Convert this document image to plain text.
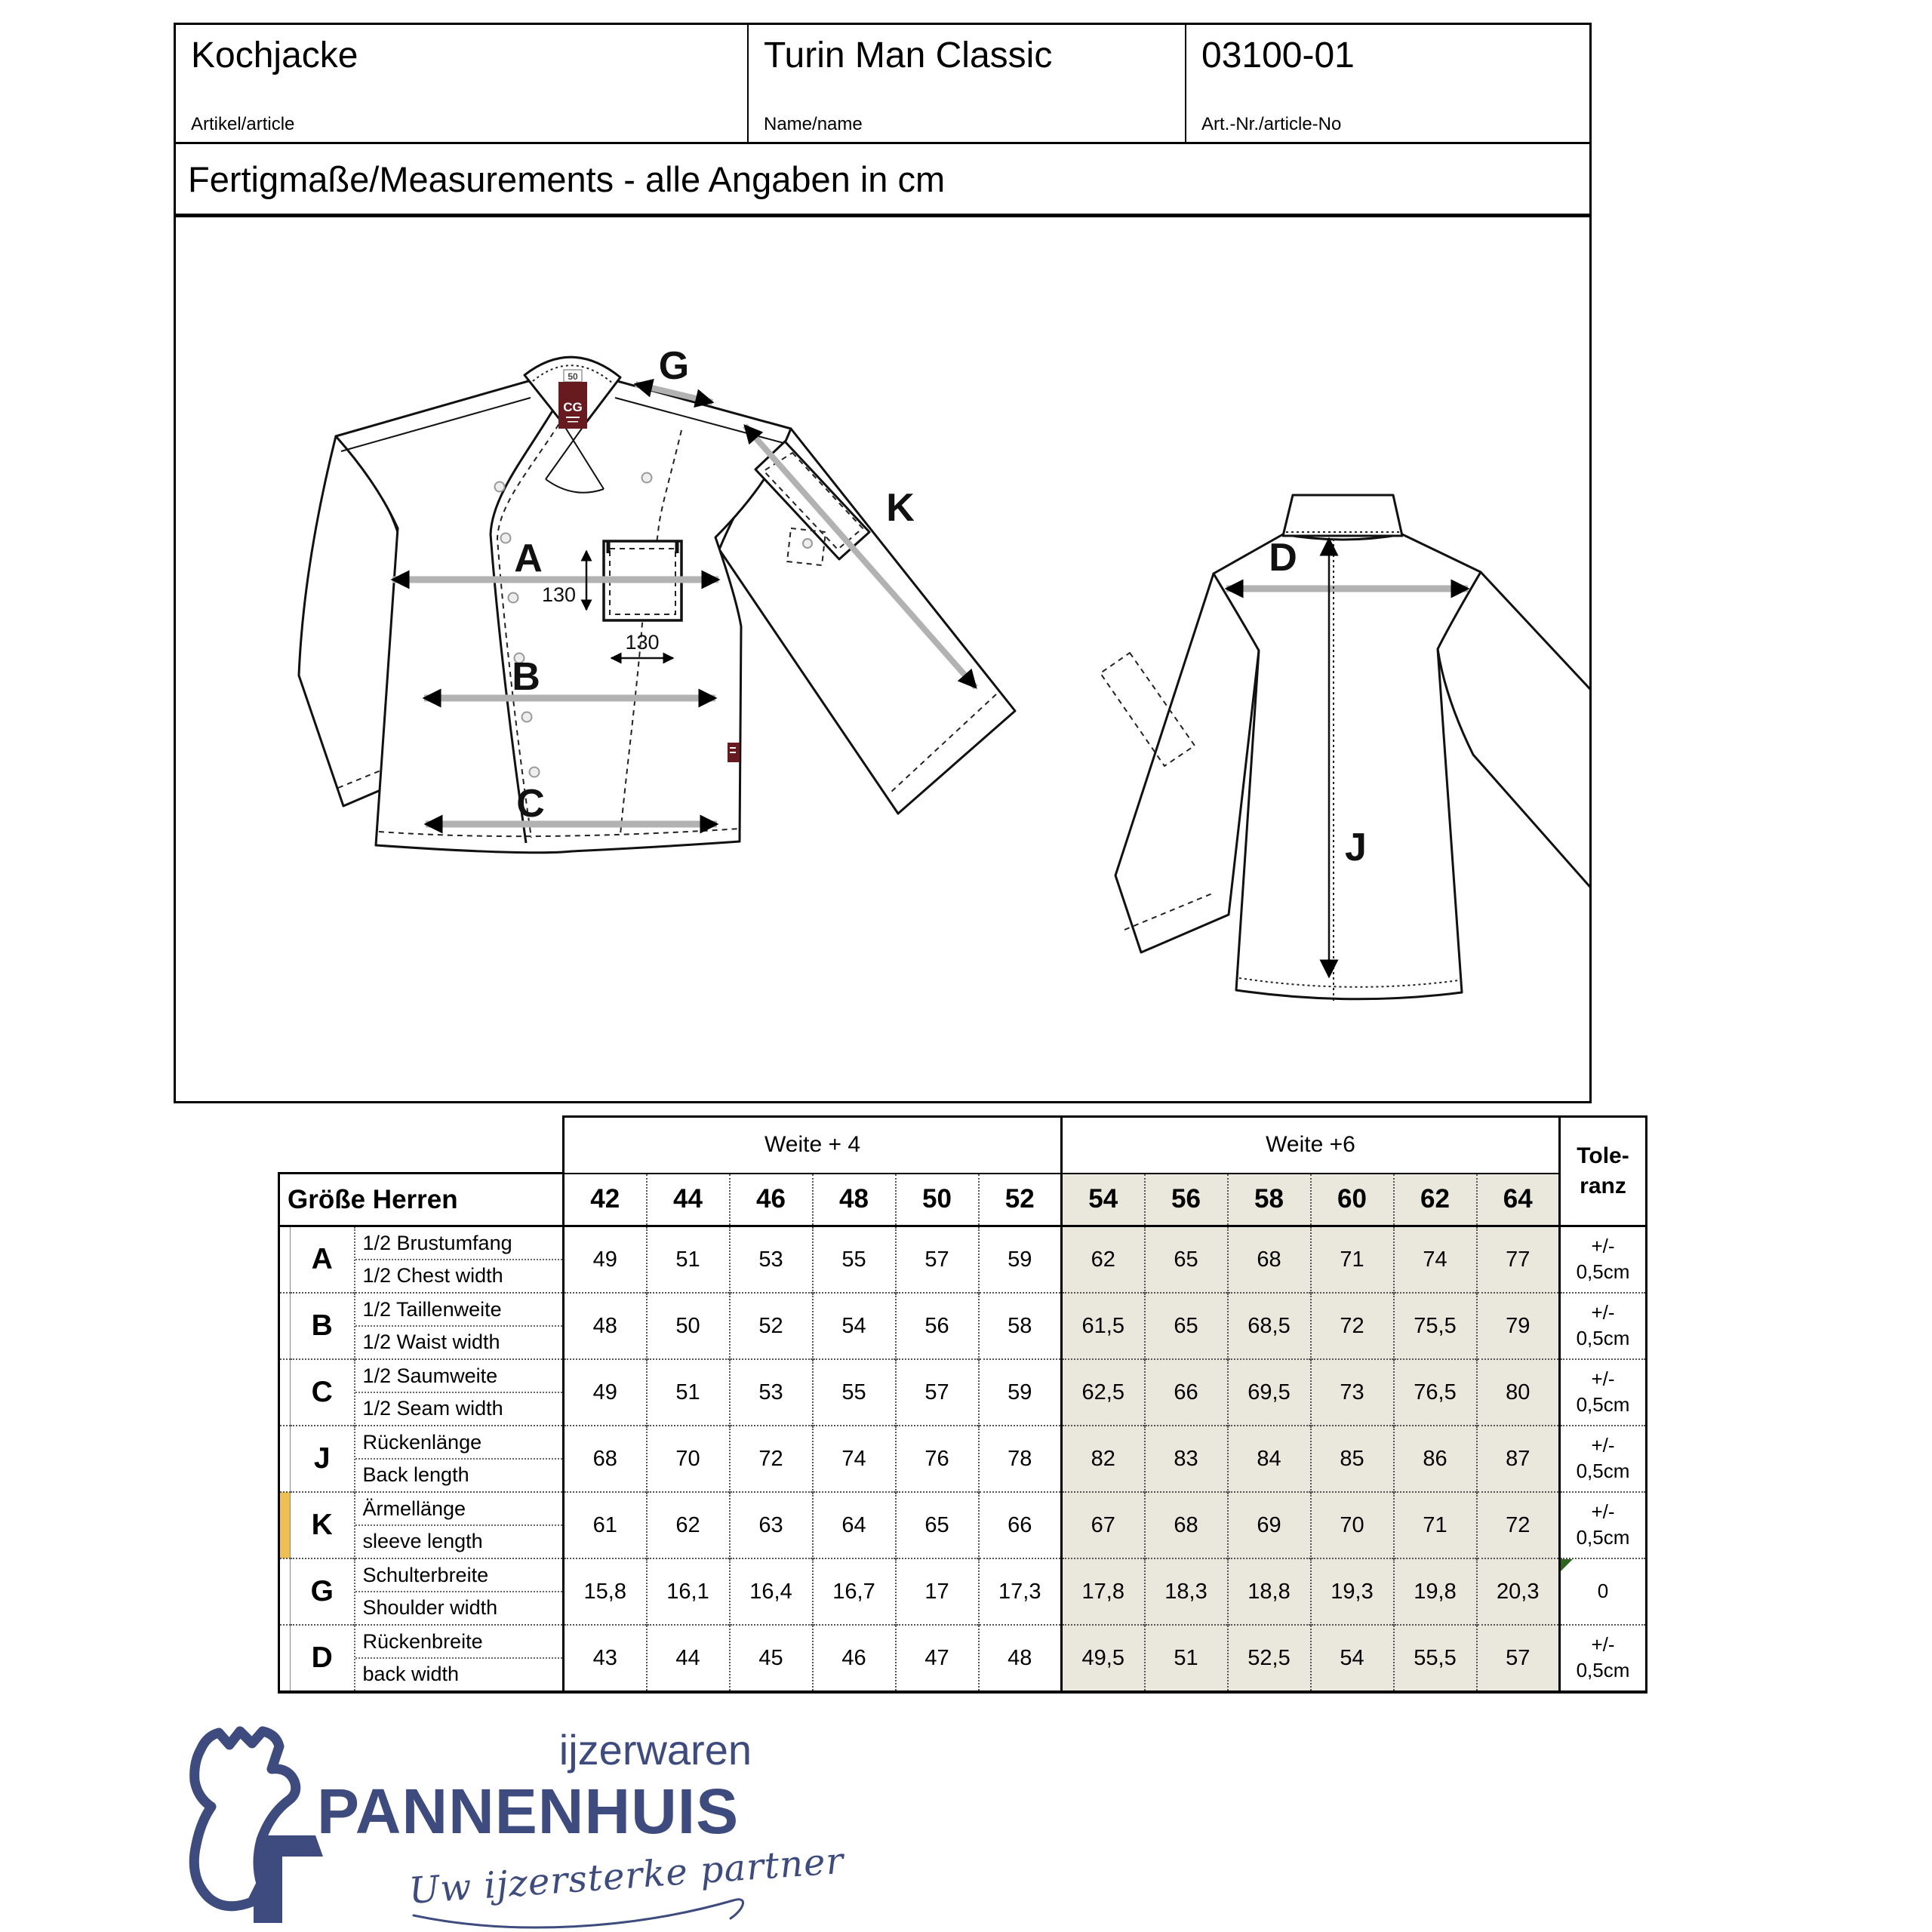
Kochjacke
Artikel/article
Turin Man Classic
Name/name
03100-01
Art.-Nr./article-No
Fertigmaße/Measurements - alle Angaben in cm
50
CG
A
B
C
G
K
130
130
D
J
			Weite + 4						Weite +6						Tole-
ranz

Größe Herren			42	44	46	48	50	52	54	56	58	60	62	64	
	A	1/2 Brustumfang
1/2 Chest width	49	51	53	55	57	59	62	65	68	71	74	77	+/- 0,5cm
	B	1/2 Taillenweite
1/2 Waist width	48	50	52	54	56	58	61,5	65	68,5	72	75,5	79	+/- 0,5cm
	C	1/2 Saumweite
1/2 Seam width	49	51	53	55	57	59	62,5	66	69,5	73	76,5	80	+/- 0,5cm
	J	Rückenlänge
Back length	68	70	72	74	76	78	82	83	84	85	86	87	+/- 0,5cm
	K	Ärmellänge
sleeve length	61	62	63	64	65	66	67	68	69	70	71	72	+/- 0,5cm
	G	Schulterbreite
Shoulder width	15,8	16,1	16,4	16,7	17	17,3	17,8	18,3	18,8	19,3	19,8	20,3	0

	D	Rückenbreite
back width	43	44	45	46	47	48	49,5	51	52,5	54	55,5	57	+/- 0,5cm
ijzerwaren
PANNENHUIS
Uw ijzersterke partner
